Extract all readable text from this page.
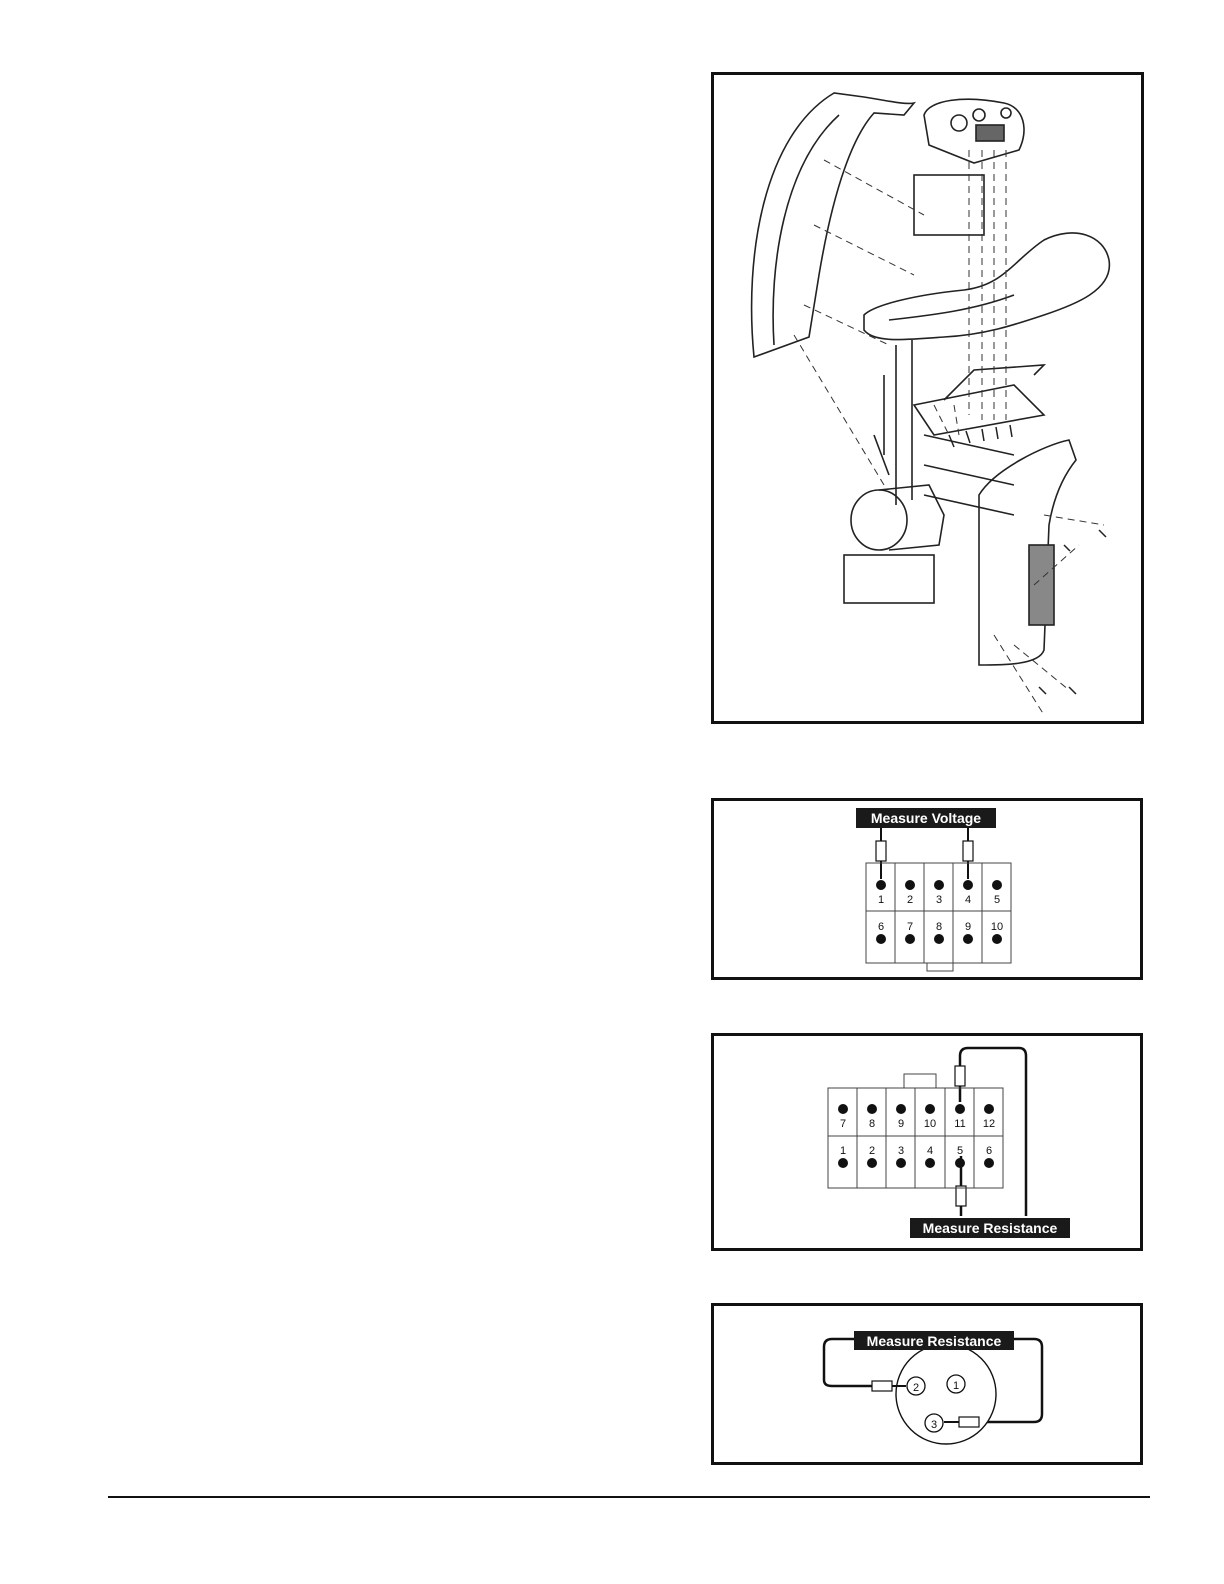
Measure Voltage
1 2 3 4 5
6 7 8 9 10
7 8 9 10 11 12
1 2 3 4 5 6
Measure Resistance
1
2
3
Measure Resistance
